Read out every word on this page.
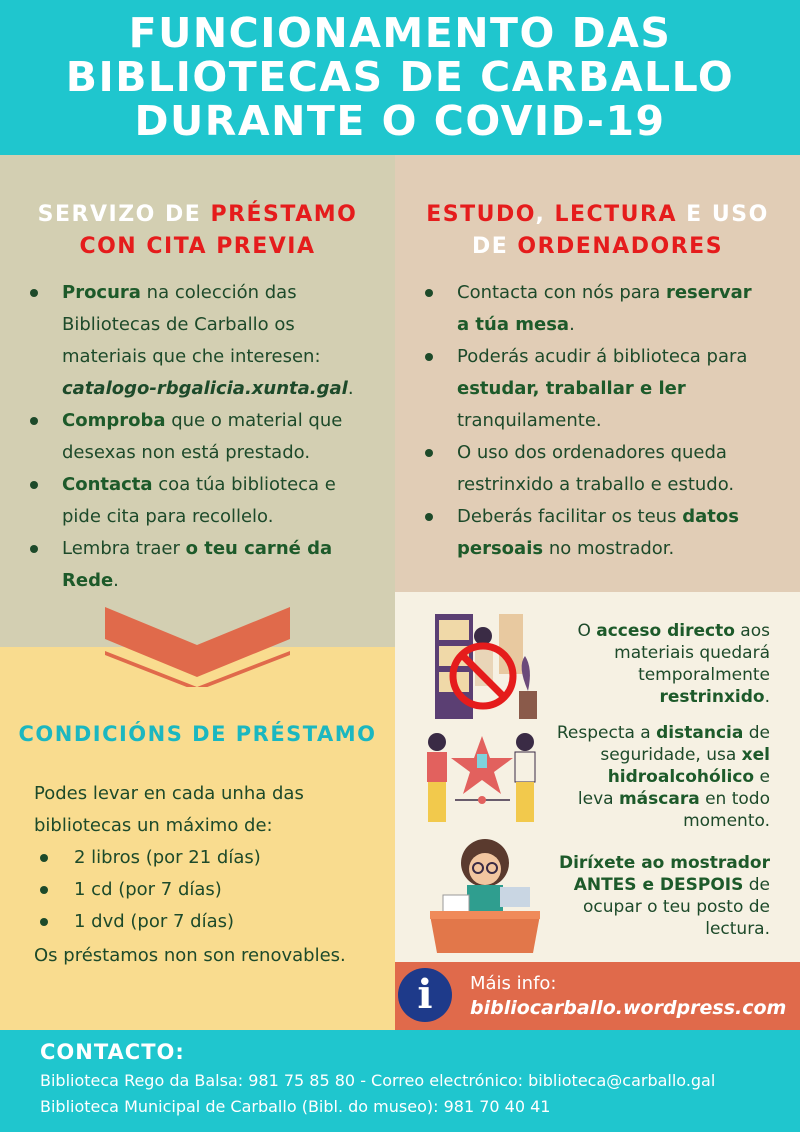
FUNCIONAMENTO DAS
BIBLIOTECAS DE CARBALLO
DURANTE O COVID-19
SERVIZO DE PRÉSTAMO
CON CITA PREVIA
Procura na colección das Bibliotecas de Carballo os materiais que che interesen: catalogo-rbgalicia.xunta.gal.
Comproba que o material que desexas non está prestado.
Contacta coa túa biblioteca e pide cita para recollelo.
Lembra traer o teu carné da Rede.
ESTUDO, LECTURA E USO
DE ORDENADORES
Contacta con nós para reservar a túa mesa.
Poderás acudir á biblioteca para estudar, traballar e ler tranquilamente.
O uso dos ordenadores queda restrinxido a traballo e estudo.
Deberás facilitar os teus datos persoais no mostrador.
CONDICIÓNS DE PRÉSTAMO
Podes levar en cada unha das
bibliotecas un máximo de:
2 libros (por 21 días)
1 cd (por 7 días)
1 dvd (por 7 días)
Os préstamos non son renovables.
O acceso directo aos
materiais quedará
temporalmente
restrinxido.
Respecta a distancia de
seguridade, usa xel
hidroalcohólico e
leva máscara en todo
momento.
Diríxete ao mostrador
ANTES e DESPOIS de
ocupar o teu posto de
lectura.
i	Máis info:
bibliocarballo.wordpress.com
CONTACTO:
Biblioteca Rego da Balsa: 981 75 85 80 - Correo electrónico: biblioteca@carballo.gal
Biblioteca Municipal de Carballo (Bibl. do museo): 981 70 40 41
